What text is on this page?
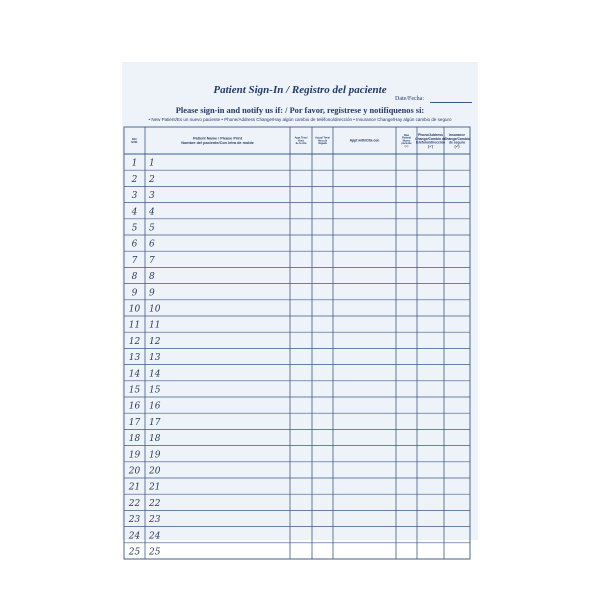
Patient Sign-In / Registro del paciente
Date/Fecha:
Please sign-in and notify us if: / Por favor, regístrese y notifíquenos si:
• New Patient/Es un nuevo paciente • Phone/Address Change/Hay algún cambio de teléfono/dirección • Insurance Change/Hay algún cambio de seguro
NO./
NÚM.
Patient Name / Please Print
Nombre del paciente/Con letra de molde
Appt Time/
Hora
de la cita
Actual Time/
Hora de
llegada
Appt with/Cita con
New
Patient/
Nuevo
paciente
(✓)
Phone/Address
Change/Cambio de
teléfono/dirección
(✓)
Insurance
Change/Cambio
de seguro
(✓)
1
2
3
4
5
6
7
8
9
10
11
12
13
14
15
16
17
18
19
20
21
22
23
24
25
